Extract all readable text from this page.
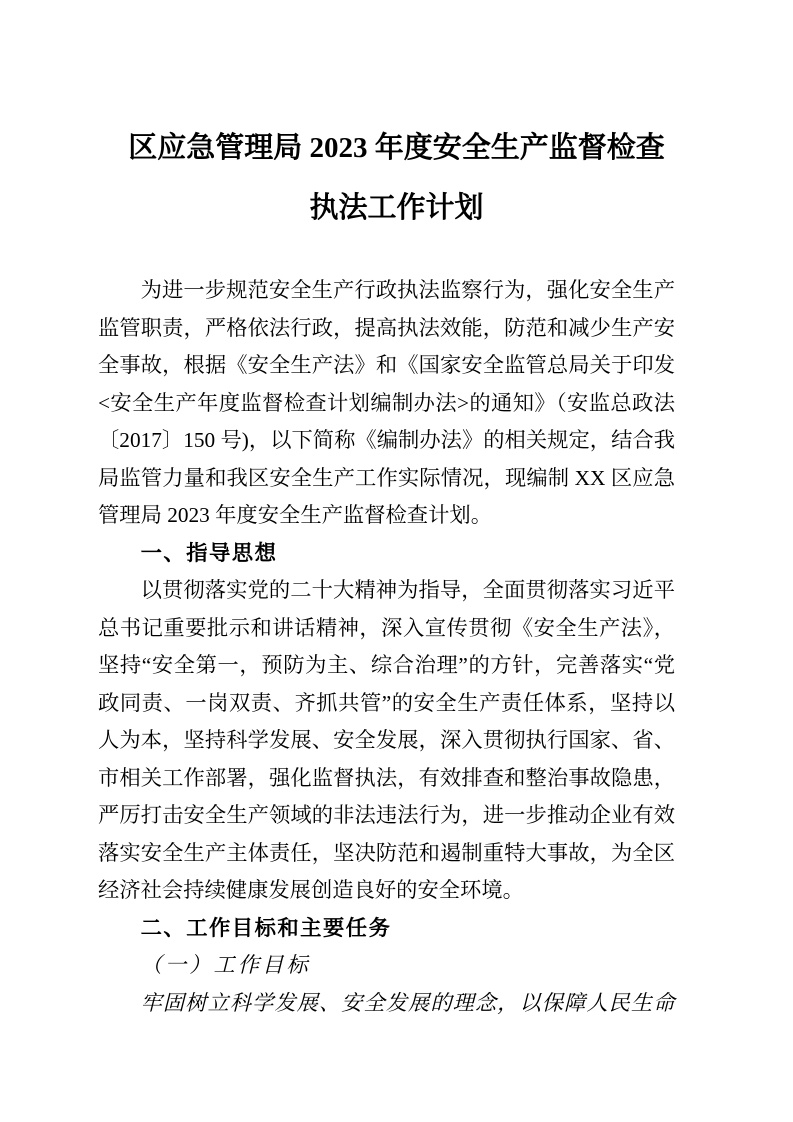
区应急管理局 2023 年度安全生产监督检查
执法工作计划

为进一步规范安全生产行政执法监察行为，强化安全生产监管职责，严格依法行政，提高执法效能，防范和减少生产安全事故，根据《安全生产法》和《国家安全监管总局关于印发<安全生产年度监督检查计划编制办法>的通知》（安监总政法〔2017〕150 号)，以下简称《编制办法》的相关规定，结合我局监管力量和我区安全生产工作实际情况，现编制 XX 区应急管理局 2023 年度安全生产监督检查计划。

一、指导思想

以贯彻落实党的二十大精神为指导，全面贯彻落实习近平总书记重要批示和讲话精神，深入宣传贯彻《安全生产法》，坚持“安全第一，预防为主、综合治理”的方针，完善落实“党政同责、一岗双责、齐抓共管”的安全生产责任体系，坚持以人为本，坚持科学发展、安全发展，深入贯彻执行国家、省、市相关工作部署，强化监督执法，有效排查和整治事故隐患，严厉打击安全生产领域的非法违法行为，进一步推动企业有效落实安全生产主体责任，坚决防范和遏制重特大事故，为全区经济社会持续健康发展创造良好的安全环境。

二、工作目标和主要任务
（一）工作目标

牢固树立科学发展、安全发展的理念，以保障人民生命
